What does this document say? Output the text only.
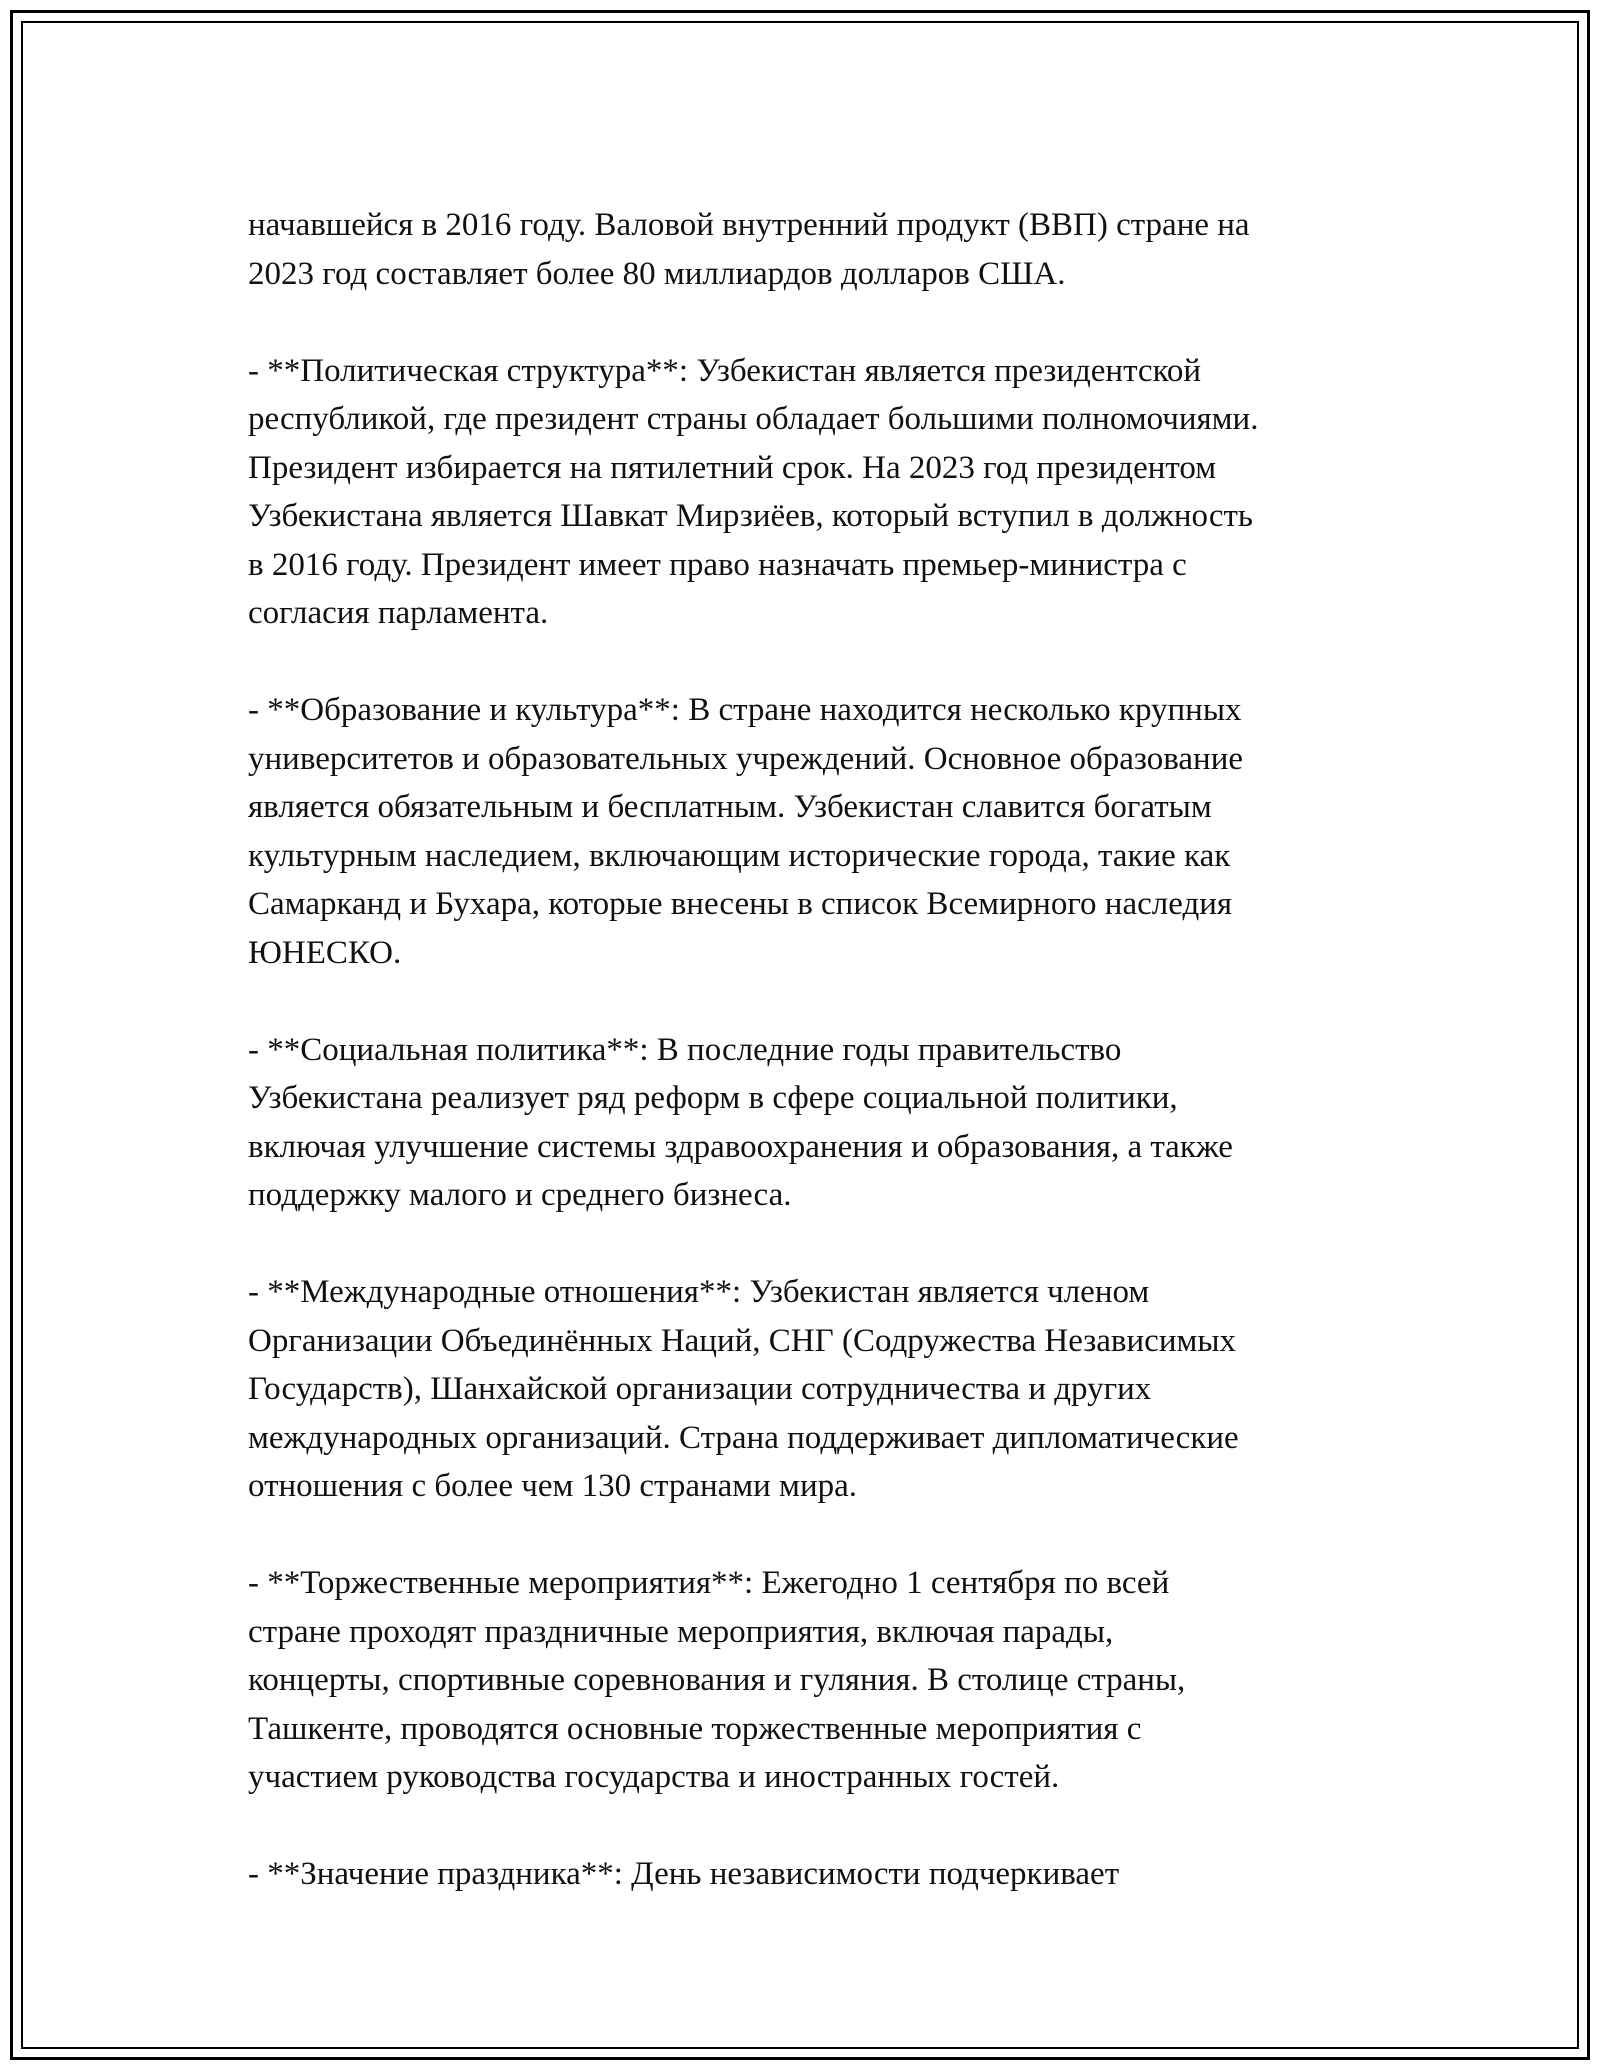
начавшейся в 2016 году. Валовой внутренний продукт (ВВП) стране на
2023 год составляет более 80 миллиардов долларов США.

- **Политическая структура**: Узбекистан является президентской
республикой, где президент страны обладает большими полномочиями.
Президент избирается на пятилетний срок. На 2023 год президентом
Узбекистана является Шавкат Мирзиёев, который вступил в должность
в 2016 году. Президент имеет право назначать премьер-министра с
согласия парламента.

- **Образование и культура**: В стране находится несколько крупных
университетов и образовательных учреждений. Основное образование
является обязательным и бесплатным. Узбекистан славится богатым
культурным наследием, включающим исторические города, такие как
Самарканд и Бухара, которые внесены в список Всемирного наследия
ЮНЕСКО.

- **Социальная политика**: В последние годы правительство
Узбекистана реализует ряд реформ в сфере социальной политики,
включая улучшение системы здравоохранения и образования, а также
поддержку малого и среднего бизнеса.

- **Международные отношения**: Узбекистан является членом
Организации Объединённых Наций, СНГ (Содружества Независимых
Государств), Шанхайской организации сотрудничества и других
международных организаций. Страна поддерживает дипломатические
отношения с более чем 130 странами мира.

- **Торжественные мероприятия**: Ежегодно 1 сентября по всей
стране проходят праздничные мероприятия, включая парады,
концерты, спортивные соревнования и гуляния. В столице страны,
Ташкенте, проводятся основные торжественные мероприятия с
участием руководства государства и иностранных гостей.

- **Значение праздника**: День независимости подчеркивает
